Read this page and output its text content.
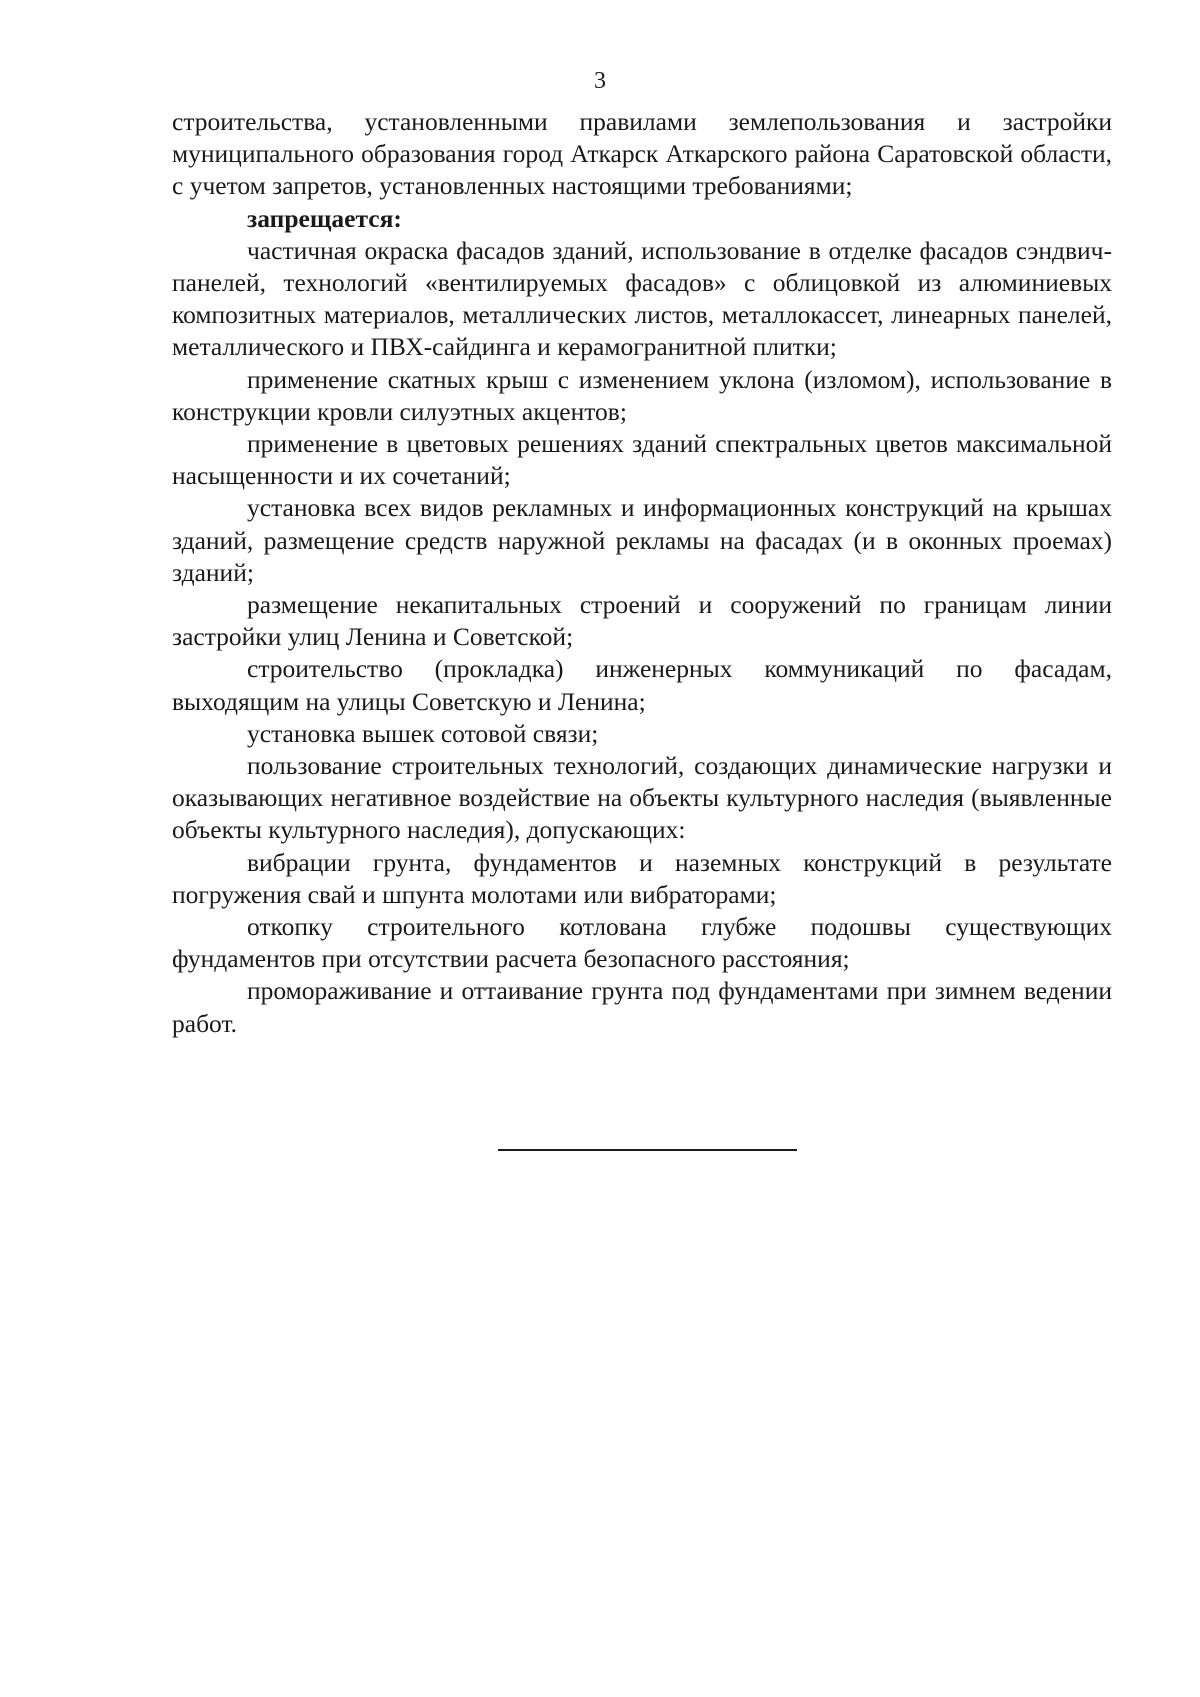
3

строительства, установленными правилами землепользования и застройки муниципального образования город Аткарск Аткарского района Саратовской области, с учетом запретов, установленных настоящими требованиями;

запрещается:

частичная окраска фасадов зданий, использование в отделке фасадов сэндвич-панелей, технологий «вентилируемых фасадов» с облицовкой из алюминиевых композитных материалов, металлических листов, металлокассет, линеарных панелей, металлического и ПВХ-сайдинга и керамогранитной плитки;

применение скатных крыш с изменением уклона (изломом), использование в конструкции кровли силуэтных акцентов;

применение в цветовых решениях зданий спектральных цветов максимальной насыщенности и их сочетаний;

установка всех видов рекламных и информационных конструкций на крышах зданий, размещение средств наружной рекламы на фасадах (и в оконных проемах) зданий;

размещение некапитальных строений и сооружений по границам линии застройки улиц Ленина и Советской;

строительство (прокладка) инженерных коммуникаций по фасадам, выходящим на улицы Советскую и Ленина;

установка вышек сотовой связи;

пользование строительных технологий, создающих динамические нагрузки и оказывающих негативное воздействие на объекты культурного наследия (выявленные объекты культурного наследия), допускающих:

вибрации грунта, фундаментов и наземных конструкций в результате погружения свай и шпунта молотами или вибраторами;

откопку строительного котлована глубже подошвы существующих фундаментов при отсутствии расчета безопасного расстояния;

промораживание и оттаивание грунта под фундаментами при зимнем ведении работ.
